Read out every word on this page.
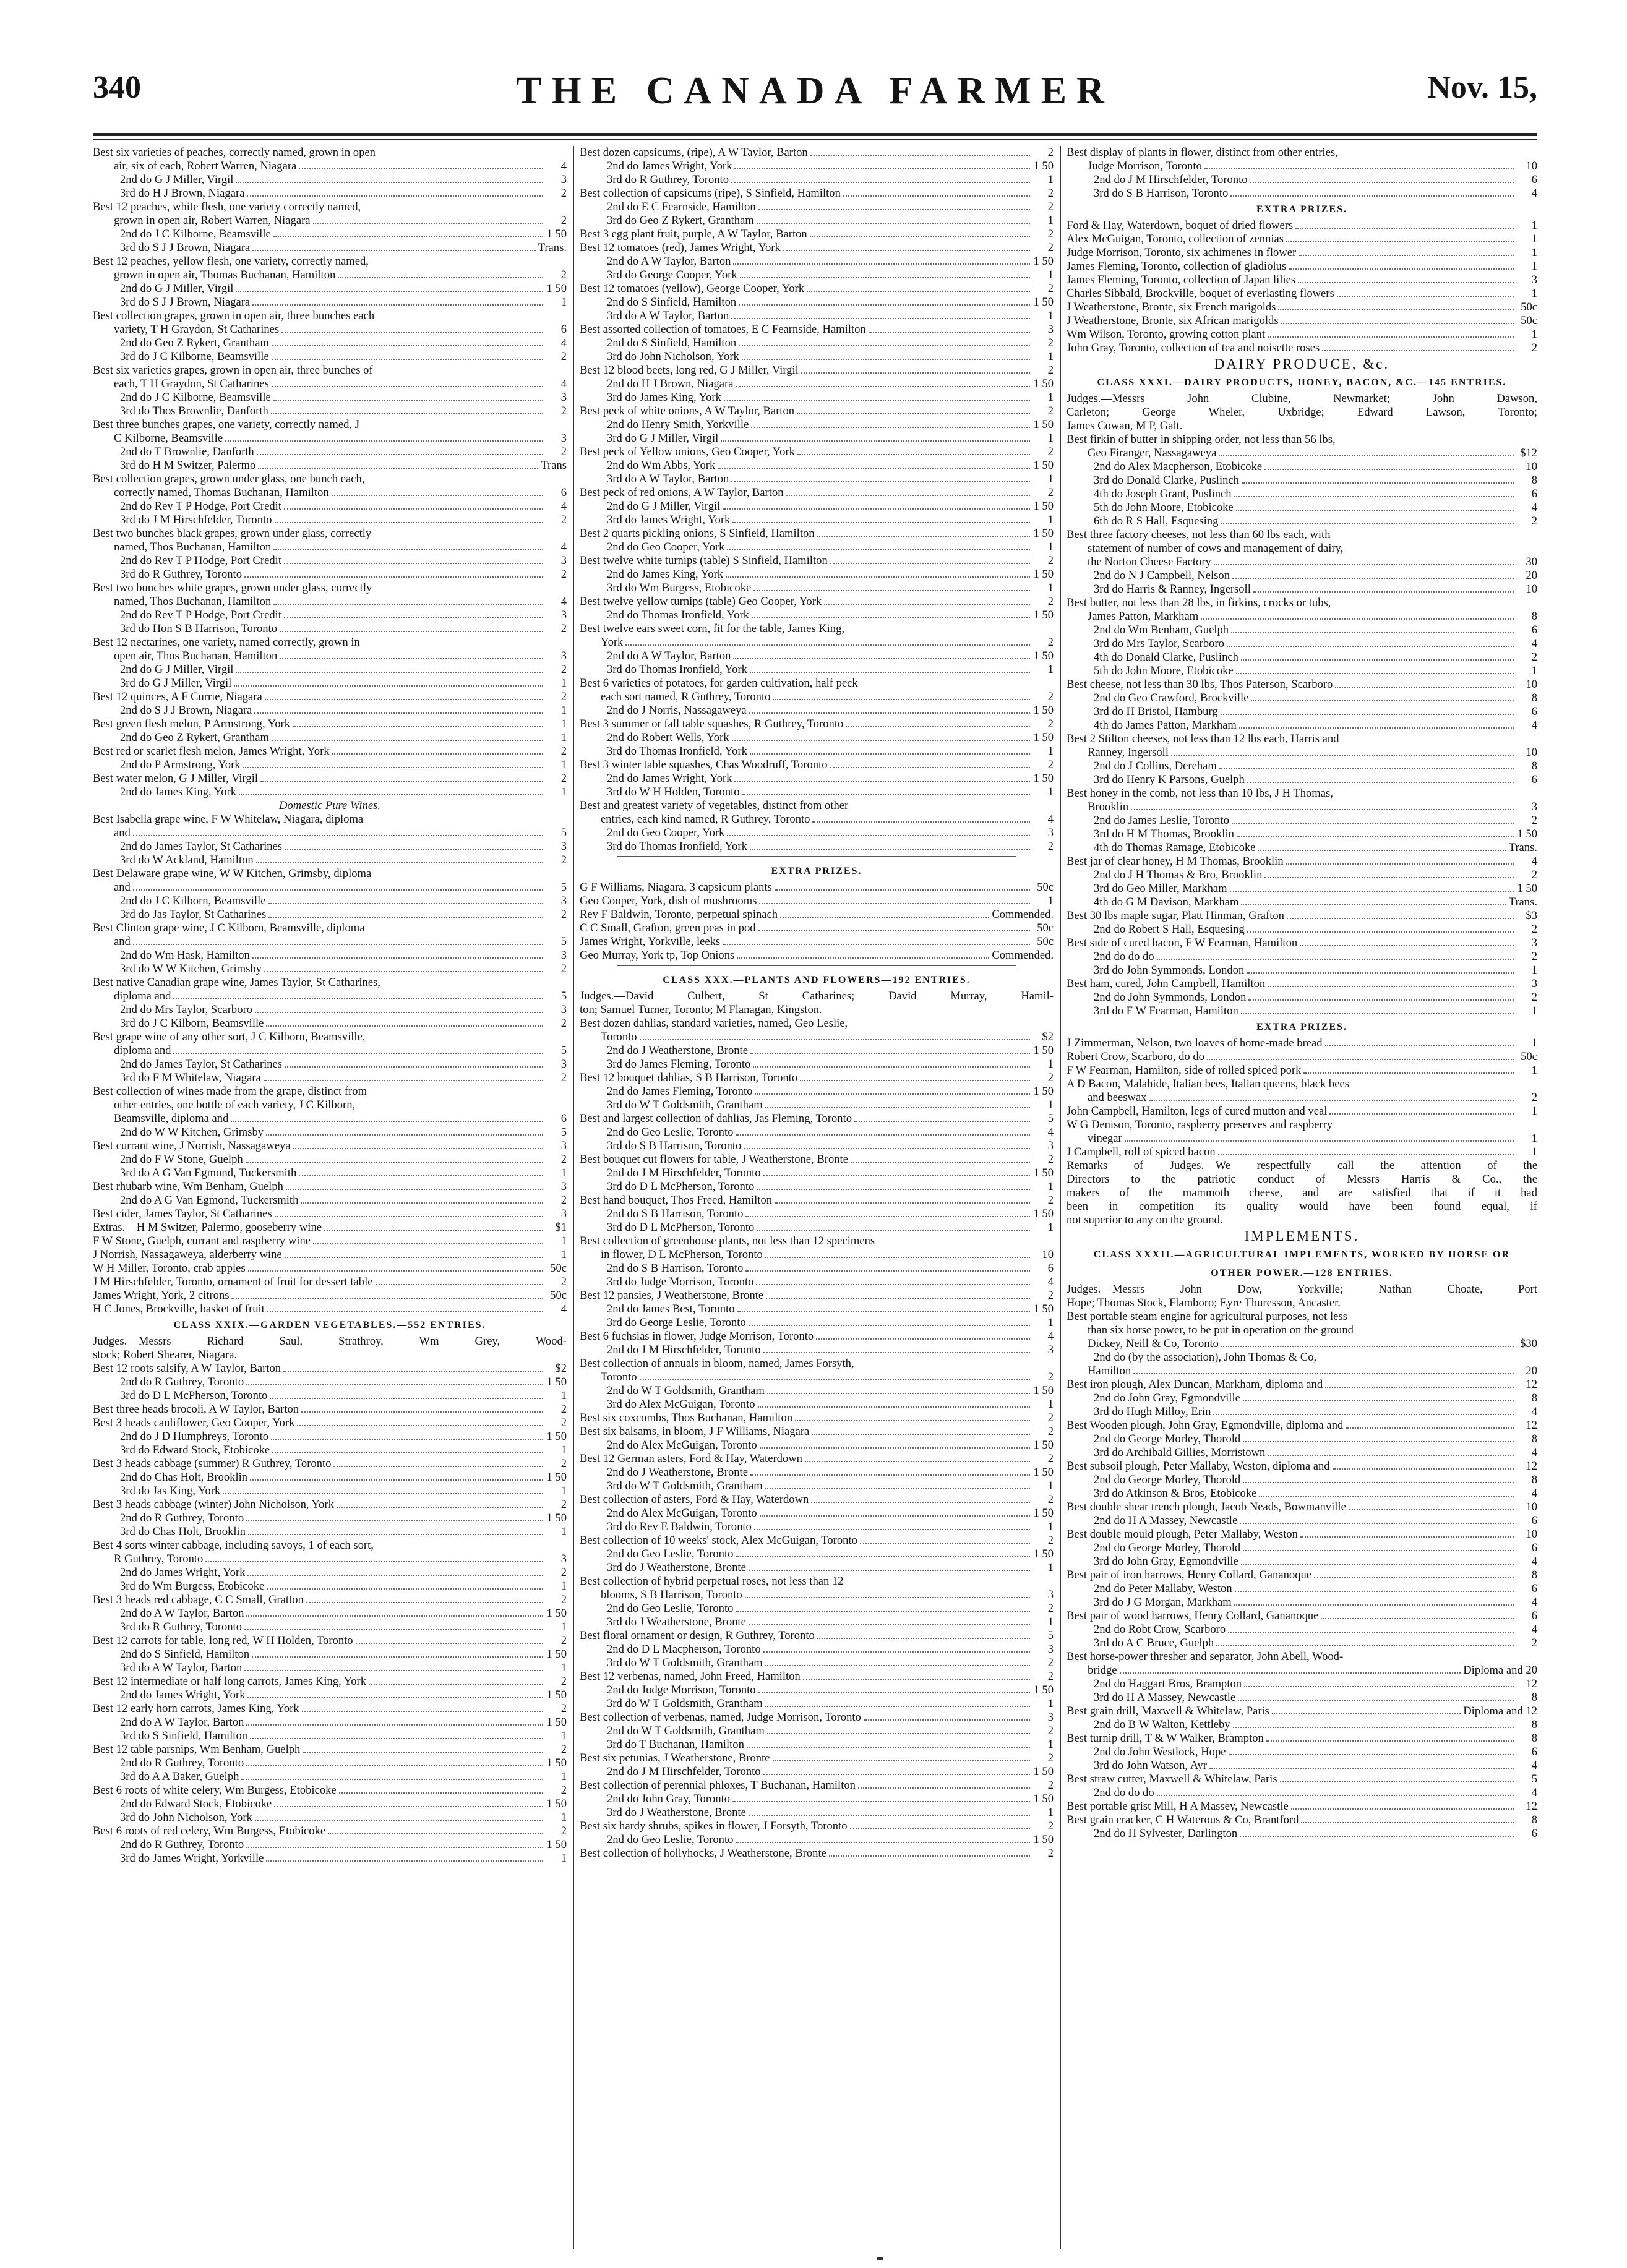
340	THE CANADA FARMER	Nov. 15,
Best six varieties of peaches, correctly named, grown in open
air, six of each, Robert Warren, Niagara	4
2nd do G J Miller, Virgil	3
3rd do H J Brown, Niagara	2
Best 12 peaches, white flesh, one variety correctly named,
grown in open air, Robert Warren, Niagara	2
2nd do J C Kilborne, Beamsville	1 50
3rd do S J J Brown, Niagara	Trans.
Best 12 peaches, yellow flesh, one variety, correctly named,
grown in open air, Thomas Buchanan, Hamilton	2
2nd do G J Miller, Virgil	1 50
3rd do S J J Brown, Niagara	1
Best collection grapes, grown in open air, three bunches each
variety, T H Graydon, St Catharines	6
2nd do Geo Z Rykert, Grantham	4
3rd do J C Kilborne, Beamsville	2
Best six varieties grapes, grown in open air, three bunches of
each, T H Graydon, St Catharines	4
2nd do J C Kilborne, Beamsville	3
3rd do Thos Brownlie, Danforth	2
Best three bunches grapes, one variety, correctly named, J
C Kilborne, Beamsville	3
2nd do T Brownlie, Danforth	2
3rd do H M Switzer, Palermo	Trans
Best collection grapes, grown under glass, one bunch each,
correctly named, Thomas Buchanan, Hamilton	6
2nd do Rev T P Hodge, Port Credit	4
3rd do J M Hirschfelder, Toronto	2
Best two bunches black grapes, grown under glass, correctly
named, Thos Buchanan, Hamilton	4
2nd do Rev T P Hodge, Port Credit	3
3rd do R Guthrey, Toronto	2
Best two bunches white grapes, grown under glass, correctly
named, Thos Buchanan, Hamilton	4
2nd do Rev T P Hodge, Port Credit	3
3rd do Hon S B Harrison, Toronto	2
Best 12 nectarines, one variety, named correctly, grown in
open air, Thos Buchanan, Hamilton	3
2nd do G J Miller, Virgil	2
3rd do G J Miller, Virgil	1
Best 12 quinces, A F Currie, Niagara	2
2nd do S J J Brown, Niagara	1
Best green flesh melon, P Armstrong, York	1
2nd do Geo Z Rykert, Grantham	1
Best red or scarlet flesh melon, James Wright, York	2
2nd do P Armstrong, York	1
Best water melon, G J Miller, Virgil	2
2nd do James King, York	1
Domestic Pure Wines.
Best Isabella grape wine, F W Whitelaw, Niagara, diploma
and	5
2nd do James Taylor, St Catharines	3
3rd do W Ackland, Hamilton	2
Best Delaware grape wine, W W Kitchen, Grimsby, diploma
and	5
2nd do J C Kilborn, Beamsville	3
3rd do Jas Taylor, St Catharines	2
Best Clinton grape wine, J C Kilborn, Beamsville, diploma
and	5
2nd do Wm Hask, Hamilton	3
3rd do W W Kitchen, Grimsby	2
Best native Canadian grape wine, James Taylor, St Catharines,
diploma and	5
2nd do Mrs Taylor, Scarboro	3
3rd do J C Kilborn, Beamsville	2
Best grape wine of any other sort, J C Kilborn, Beamsville,
diploma and	5
2nd do James Taylor, St Catharines	3
3rd do F M Whitelaw, Niagara	2
Best collection of wines made from the grape, distinct from
other entries, one bottle of each variety, J C Kilborn,
Beamsville, diploma and	6
2nd do W W Kitchen, Grimsby	5
Best currant wine, J Norrish, Nassagaweya	3
2nd do F W Stone, Guelph	2
3rd do A G Van Egmond, Tuckersmith	1
Best rhubarb wine, Wm Benham, Guelph	3
2nd do A G Van Egmond, Tuckersmith	2
Best cider, James Taylor, St Catharines	3
Extras.—H M Switzer, Palermo, gooseberry wine	$1
F W Stone, Guelph, currant and raspberry wine	1
J Norrish, Nassagaweya, alderberry wine	1
W H Miller, Toronto, crab apples	50c
J M Hirschfelder, Toronto, ornament of fruit for dessert table	2
James Wright, York, 2 citrons	50c
H C Jones, Brockville, basket of fruit	4
CLASS XXIX.—GARDEN VEGETABLES.—552 ENTRIES.
Judges.—Messrs Richard Saul, Strathroy, Wm Grey, Wood-
stock; Robert Shearer, Niagara.
Best 12 roots salsify, A W Taylor, Barton	$2
2nd do R Guthrey, Toronto	1 50
3rd do D L McPherson, Toronto	1
Best three heads brocoli, A W Taylor, Barton	2
Best 3 heads cauliflower, Geo Cooper, York	2
2nd do J D Humphreys, Toronto	1 50
3rd do Edward Stock, Etobicoke	1
Best 3 heads cabbage (summer) R Guthrey, Toronto	2
2nd do Chas Holt, Brooklin	1 50
3rd do Jas King, York	1
Best 3 heads cabbage (winter) John Nicholson, York	2
2nd do R Guthrey, Toronto	1 50
3rd do Chas Holt, Brooklin	1
Best 4 sorts winter cabbage, including savoys, 1 of each sort,
R Guthrey, Toronto	3
2nd do James Wright, York	2
3rd do Wm Burgess, Etobicoke	1
Best 3 heads red cabbage, C C Small, Gratton	2
2nd do A W Taylor, Barton	1 50
3rd do R Guthrey, Toronto	1
Best 12 carrots for table, long red, W H Holden, Toronto	2
2nd do S Sinfield, Hamilton	1 50
3rd do A W Taylor, Barton	1
Best 12 intermediate or half long carrots, James King, York	2
2nd do James Wright, York	1 50
Best 12 early horn carrots, James King, York	2
2nd do A W Taylor, Barton	1 50
3rd do S Sinfield, Hamilton	1
Best 12 table parsnips, Wm Benham, Guelph	2
2nd do R Guthrey, Toronto	1 50
3rd do A A Baker, Guelph	1
Best 6 roots of white celery, Wm Burgess, Etobicoke	2
2nd do Edward Stock, Etobicoke	1 50
3rd do John Nicholson, York	1
Best 6 roots of red celery, Wm Burgess, Etobicoke	2
2nd do R Guthrey, Toronto	1 50
3rd do James Wright, Yorkville	1
Best dozen capsicums, (ripe), A W Taylor, Barton	2
2nd do James Wright, York	1 50
3rd do R Guthrey, Toronto	1
Best collection of capsicums (ripe), S Sinfield, Hamilton	2
2nd do E C Fearnside, Hamilton	2
3rd do Geo Z Rykert, Grantham	1
Best 3 egg plant fruit, purple, A W Taylor, Barton	2
Best 12 tomatoes (red), James Wright, York	2
2nd do A W Taylor, Barton	1 50
3rd do George Cooper, York	1
Best 12 tomatoes (yellow), George Cooper, York	2
2nd do S Sinfield, Hamilton	1 50
3rd do A W Taylor, Barton	1
Best assorted collection of tomatoes, E C Fearnside, Hamilton	3
2nd do S Sinfield, Hamilton	2
3rd do John Nicholson, York	1
Best 12 blood beets, long red, G J Miller, Virgil	2
2nd do H J Brown, Niagara	1 50
3rd do James King, York	1
Best peck of white onions, A W Taylor, Barton	2
2nd do Henry Smith, Yorkville	1 50
3rd do G J Miller, Virgil	1
Best peck of Yellow onions, Geo Cooper, York	2
2nd do Wm Abbs, York	1 50
3rd do A W Taylor, Barton	1
Best peck of red onions, A W Taylor, Barton	2
2nd do G J Miller, Virgil	1 50
3rd do James Wright, York	1
Best 2 quarts pickling onions, S Sinfield, Hamilton	1 50
2nd do Geo Cooper, York	1
Best twelve white turnips (table) S Sinfield, Hamilton	2
2nd do James King, York	1 50
3rd do Wm Burgess, Etobicoke	1
Best twelve yellow turnips (table) Geo Cooper, York	2
2nd do Thomas Ironfield, York	1 50
Best twelve ears sweet corn, fit for the table, James King,
York	2
2nd do A W Taylor, Barton	1 50
3rd do Thomas Ironfield, York	1
Best 6 varieties of potatoes, for garden cultivation, half peck
each sort named, R Guthrey, Toronto	2
2nd do J Norris, Nassagaweya	1 50
Best 3 summer or fall table squashes, R Guthrey, Toronto	2
2nd do Robert Wells, York	1 50
3rd do Thomas Ironfield, York	1
Best 3 winter table squashes, Chas Woodruff, Toronto	2
2nd do James Wright, York	1 50
3rd do W H Holden, Toronto	1
Best and greatest variety of vegetables, distinct from other
entries, each kind named, R Guthrey, Toronto	4
2nd do Geo Cooper, York	3
3rd do Thomas Ironfield, York	2
EXTRA PRIZES.
G F Williams, Niagara, 3 capsicum plants	50c
Geo Cooper, York, dish of mushrooms	1
Rev F Baldwin, Toronto, perpetual spinach	Commended.
C C Small, Grafton, green peas in pod	50c
James Wright, Yorkville, leeks	50c
Geo Murray, York tp, Top Onions	Commended.
CLASS XXX.—PLANTS AND FLOWERS—192 ENTRIES.
Judges.—David Culbert, St Catharines; David Murray, Hamil-
ton; Samuel Turner, Toronto; M Flanagan, Kingston.
Best dozen dahlias, standard varieties, named, Geo Leslie,
Toronto	$2
2nd do J Weatherstone, Bronte	1 50
3rd do James Fleming, Toronto	1
Best 12 bouquet dahlias, S B Harrison, Toronto	2
2nd do James Fleming, Toronto	1 50
3rd do W T Goldsmith, Grantham	1
Best and largest collection of dahlias, Jas Fleming, Toronto	5
2nd do Geo Leslie, Toronto	4
3rd do S B Harrison, Toronto	3
Best bouquet cut flowers for table, J Weatherstone, Bronte	2
2nd do J M Hirschfelder, Toronto	1 50
3rd do D L McPherson, Toronto	1
Best hand bouquet, Thos Freed, Hamilton	2
2nd do S B Harrison, Toronto	1 50
3rd do D L McPherson, Toronto	1
Best collection of greenhouse plants, not less than 12 specimens
in flower, D L McPherson, Toronto	10
2nd do S B Harrison, Toronto	6
3rd do Judge Morrison, Toronto	4
Best 12 pansies, J Weatherstone, Bronte	2
2nd do James Best, Toronto	1 50
3rd do George Leslie, Toronto	1
Best 6 fuchsias in flower, Judge Morrison, Toronto	4
2nd do J M Hirschfelder, Toronto	3
Best collection of annuals in bloom, named, James Forsyth,
Toronto	2
2nd do W T Goldsmith, Grantham	1 50
3rd do Alex McGuigan, Toronto	1
Best six coxcombs, Thos Buchanan, Hamilton	2
Best six balsams, in bloom, J F Williams, Niagara	2
2nd do Alex McGuigan, Toronto	1 50
Best 12 German asters, Ford & Hay, Waterdown	2
2nd do J Weatherstone, Bronte	1 50
3rd do W T Goldsmith, Grantham	1
Best collection of asters, Ford & Hay, Waterdown	2
2nd do Alex McGuigan, Toronto	1 50
3rd do Rev E Baldwin, Toronto	1
Best collection of 10 weeks' stock, Alex McGuigan, Toronto	2
2nd do Geo Leslie, Toronto	1 50
3rd do J Weatherstone, Bronte	1
Best collection of hybrid perpetual roses, not less than 12
blooms, S B Harrison, Toronto	3
2nd do Geo Leslie, Toronto	2
3rd do J Weatherstone, Bronte	1
Best floral ornament or design, R Guthrey, Toronto	5
2nd do D L Macpherson, Toronto	3
3rd do W T Goldsmith, Grantham	2
Best 12 verbenas, named, John Freed, Hamilton	2
2nd do Judge Morrison, Toronto	1 50
3rd do W T Goldsmith, Grantham	1
Best collection of verbenas, named, Judge Morrison, Toronto	3
2nd do W T Goldsmith, Grantham	2
3rd do T Buchanan, Hamilton	1
Best six petunias, J Weatherstone, Bronte	2
2nd do J M Hirschfelder, Toronto	1 50
Best collection of perennial phloxes, T Buchanan, Hamilton	2
2nd do John Gray, Toronto	1 50
3rd do J Weatherstone, Bronte	1
Best six hardy shrubs, spikes in flower, J Forsyth, Toronto	2
2nd do Geo Leslie, Toronto	1 50
Best collection of hollyhocks, J Weatherstone, Bronte	2
Best display of plants in flower, distinct from other entries,
Judge Morrison, Toronto	10
2nd do J M Hirschfelder, Toronto	6
3rd do S B Harrison, Toronto	4
EXTRA PRIZES.
Ford & Hay, Waterdown, boquet of dried flowers	1
Alex McGuigan, Toronto, collection of zennias	1
Judge Morrison, Toronto, six achimenes in flower	1
James Fleming, Toronto, collection of gladiolus	1
James Fleming, Toronto, collection of Japan lilies	3
Charles Sibbald, Brockville, boquet of everlasting flowers	1
J Weatherstone, Bronte, six French marigolds	50c
J Weatherstone, Bronte, six African marigolds	50c
Wm Wilson, Toronto, growing cotton plant	1
John Gray, Toronto, collection of tea and noisette roses	2
DAIRY PRODUCE, &c.
CLASS XXXI.—DAIRY PRODUCTS, HONEY, BACON, &C.—145 ENTRIES.
Judges.—Messrs John Clubine, Newmarket; John Dawson,
Carleton; George Wheler, Uxbridge; Edward Lawson, Toronto;
James Cowan, M P, Galt.
Best firkin of butter in shipping order, not less than 56 lbs,
Geo Firanger, Nassagaweya	$12
2nd do Alex Macpherson, Etobicoke	10
3rd do Donald Clarke, Puslinch	8
4th do Joseph Grant, Puslinch	6
5th do John Moore, Etobicoke	4
6th do R S Hall, Esquesing	2
Best three factory cheeses, not less than 60 lbs each, with
statement of number of cows and management of dairy,
the Norton Cheese Factory	30
2nd do N J Campbell, Nelson	20
3rd do Harris & Ranney, Ingersoll	10
Best butter, not less than 28 lbs, in firkins, crocks or tubs,
James Patton, Markham	8
2nd do Wm Benham, Guelph	6
3rd do Mrs Taylor, Scarboro	4
4th do Donald Clarke, Puslinch	2
5th do John Moore, Etobicoke	1
Best cheese, not less than 30 lbs, Thos Paterson, Scarboro	10
2nd do Geo Crawford, Brockville	8
3rd do H Bristol, Hamburg	6
4th do James Patton, Markham	4
Best 2 Stilton cheeses, not less than 12 lbs each, Harris and
Ranney, Ingersoll	10
2nd do J Collins, Dereham	8
3rd do Henry K Parsons, Guelph	6
Best honey in the comb, not less than 10 lbs, J H Thomas,
Brooklin	3
2nd do James Leslie, Toronto	2
3rd do H M Thomas, Brooklin	1 50
4th do Thomas Ramage, Etobicoke	Trans.
Best jar of clear honey, H M Thomas, Brooklin	4
2nd do J H Thomas & Bro, Brooklin	2
3rd do Geo Miller, Markham	1 50
4th do G M Davison, Markham	Trans.
Best 30 lbs maple sugar, Platt Hinman, Grafton	$3
2nd do Robert S Hall, Esquesing	2
Best side of cured bacon, F W Fearman, Hamilton	3
2nd do do do	2
3rd do John Symmonds, London	1
Best ham, cured, John Campbell, Hamilton	3
2nd do John Symmonds, London	2
3rd do F W Fearman, Hamilton	1
EXTRA PRIZES.
J Zimmerman, Nelson, two loaves of home-made bread	1
Robert Crow, Scarboro, do do	50c
F W Fearman, Hamilton, side of rolled spiced pork	1
A D Bacon, Malahide, Italian bees, Italian queens, black bees
and beeswax	2
John Campbell, Hamilton, legs of cured mutton and veal	1
W G Denison, Toronto, raspberry preserves and raspberry
vinegar	1
J Campbell, roll of spiced bacon	1
Remarks of Judges.—We respectfully call the attention of the
Directors to the patriotic conduct of Messrs Harris & Co., the
makers of the mammoth cheese, and are satisfied that if it had
been in competition its quality would have been found equal, if
not superior to any on the ground.
IMPLEMENTS.
CLASS XXXII.—AGRICULTURAL IMPLEMENTS, WORKED BY HORSE OR
OTHER POWER.—128 ENTRIES.
Judges.—Messrs John Dow, Yorkville; Nathan Choate, Port
Hope; Thomas Stock, Flamboro; Eyre Thuresson, Ancaster.
Best portable steam engine for agricultural purposes, not less
than six horse power, to be put in operation on the ground
Dickey, Neill & Co, Toronto	$30
2nd do (by the association), John Thomas & Co,
Hamilton	20
Best iron plough, Alex Duncan, Markham, diploma and	12
2nd do John Gray, Egmondville	8
3rd do Hugh Milloy, Erin	4
Best Wooden plough, John Gray, Egmondville, diploma and	12
2nd do George Morley, Thorold	8
3rd do Archibald Gillies, Morristown	4
Best subsoil plough, Peter Mallaby, Weston, diploma and	12
2nd do George Morley, Thorold	8
3rd do Atkinson & Bros, Etobicoke	4
Best double shear trench plough, Jacob Neads, Bowmanville	10
2nd do H A Massey, Newcastle	6
Best double mould plough, Peter Mallaby, Weston	10
2nd do George Morley, Thorold	6
3rd do John Gray, Egmondville	4
Best pair of iron harrows, Henry Collard, Gananoque	8
2nd do Peter Mallaby, Weston	6
3rd do J G Morgan, Markham	4
Best pair of wood harrows, Henry Collard, Gananoque	6
2nd do Robt Crow, Scarboro	4
3rd do A C Bruce, Guelph	2
Best horse-power thresher and separator, John Abell, Wood-
bridge	Diploma and 20
2nd do Haggart Bros, Brampton	12
3rd do H A Massey, Newcastle	8
Best grain drill, Maxwell & Whitelaw, Paris	Diploma and 12
2nd do B W Walton, Kettleby	8
Best turnip drill, T & W Walker, Brampton	8
2nd do John Westlock, Hope	6
3rd do John Watson, Ayr	4
Best straw cutter, Maxwell & Whitelaw, Paris	5
2nd do do do	4
Best portable grist Mill, H A Massey, Newcastle	12
Best grain cracker, C H Waterous & Co, Brantford	8
2nd do H Sylvester, Darlington	6
